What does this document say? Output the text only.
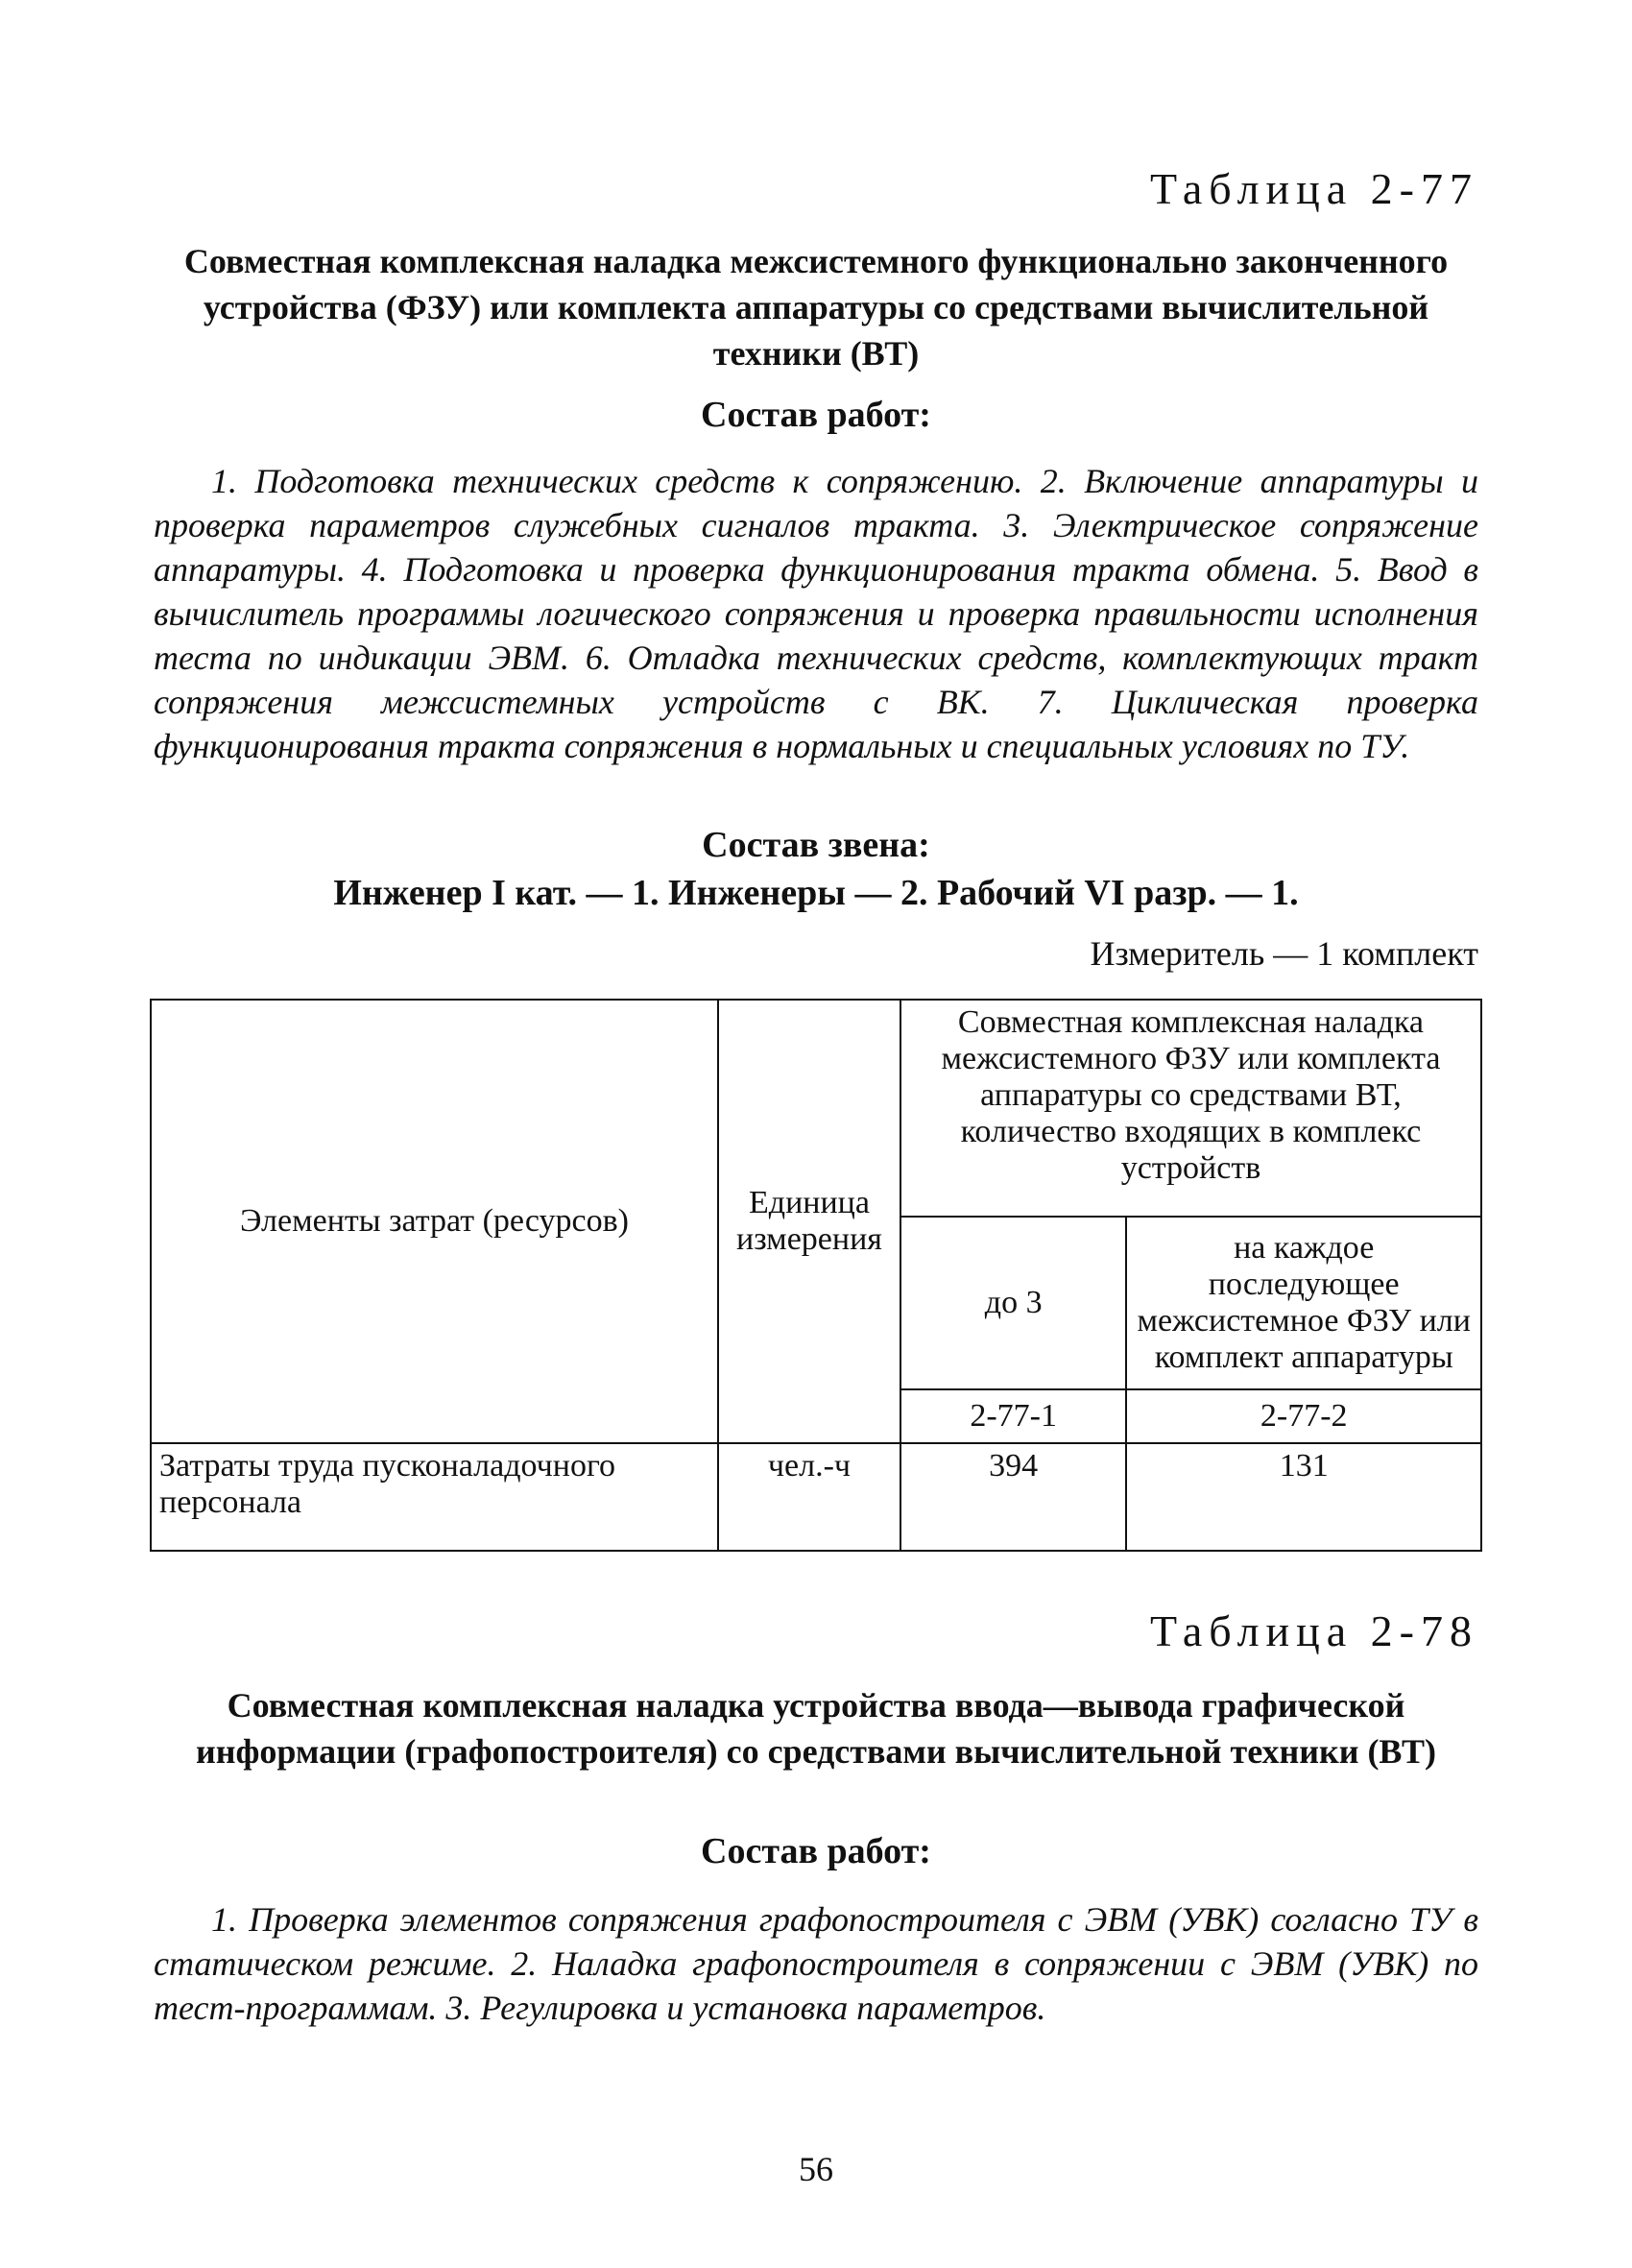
Таблица 2-77
Совместная комплексная наладка межсистемного функционально законченного устройства (ФЗУ) или комплекта аппаратуры со средствами вычислительной техники (ВТ)
Состав работ:
1. Подготовка технических средств к сопряжению. 2. Включение аппаратуры и проверка параметров служебных сигналов тракта. 3. Электрическое сопряжение аппаратуры. 4. Подготовка и проверка функционирования тракта обмена. 5. Ввод в вычислитель программы логического сопряжения и проверка правильности исполнения теста по индикации ЭВМ. 6. Отладка технических средств, комплектующих тракт сопряжения межсистемных устройств с ВК. 7. Циклическая проверка функционирования тракта сопряжения в нормальных и специальных условиях по ТУ.
Состав звена:
Инженер I кат. — 1. Инженеры — 2. Рабочий VI разр. — 1.
Измеритель — 1 комплект
Элементы затрат (ресурсов)	Единица измерения	Совместная комплексная наладка межсистемного ФЗУ или комплекта аппаратуры со средствами ВТ, количество входящих в комплекс устройств	
		до 3	на каждое последующее межсистемное ФЗУ или комплект аппаратуры
		2-77-1	2-77-2
Затраты труда пусконаладочного персонала	чел.-ч	394	131
Таблица 2-78
Совместная комплексная наладка устройства ввода—вывода графической информации (графопостроителя) со средствами вычислительной техники (ВТ)
Состав работ:
1. Проверка элементов сопряжения графопостроителя с ЭВМ (УВК) согласно ТУ в статическом режиме. 2. Наладка графопостроителя в сопряжении с ЭВМ (УВК) по тест-программам. 3. Регулировка и установка параметров.
56
